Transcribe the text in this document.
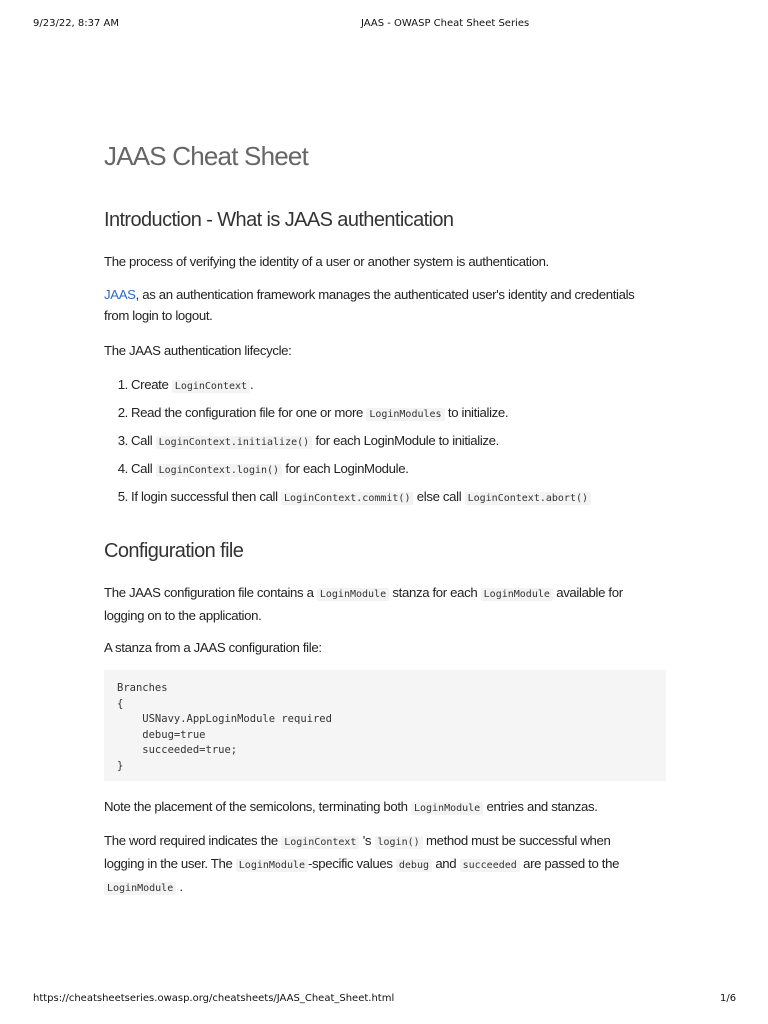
9/23/22, 8:37 AM	JAAS - OWASP Cheat Sheet Series
JAAS Cheat Sheet
Introduction - What is JAAS authentication

The process of verifying the identity of a user or another system is authentication.

JAAS, as an authentication framework manages the authenticated user's identity and credentials
from login to logout.

The JAAS authentication lifecycle:

1. Create LoginContext .
2. Read the configuration file for one or more LoginModules to initialize.
3. Call LoginContext.initialize() for each LoginModule to initialize.
4. Call LoginContext.login() for each LoginModule.
5. If login successful then call LoginContext.commit() else call LoginContext.abort()
Configuration file

The JAAS configuration file contains a LoginModule stanza for each LoginModule available for
logging on to the application.

A stanza from a JAAS configuration file:

Branches
{
USNavy.AppLoginModule required
debug=true
succeeded=true;
}

Note the placement of the semicolons, terminating both LoginModule entries and stanzas.

The word required indicates the LoginContext 's login() method must be successful when
logging in the user. The LoginModule -specific values debug and succeeded are passed to the
LoginModule .

https://cheatsheetseries.owasp.org/cheatsheets/JAAS_Cheat_Sheet.html	1/6
